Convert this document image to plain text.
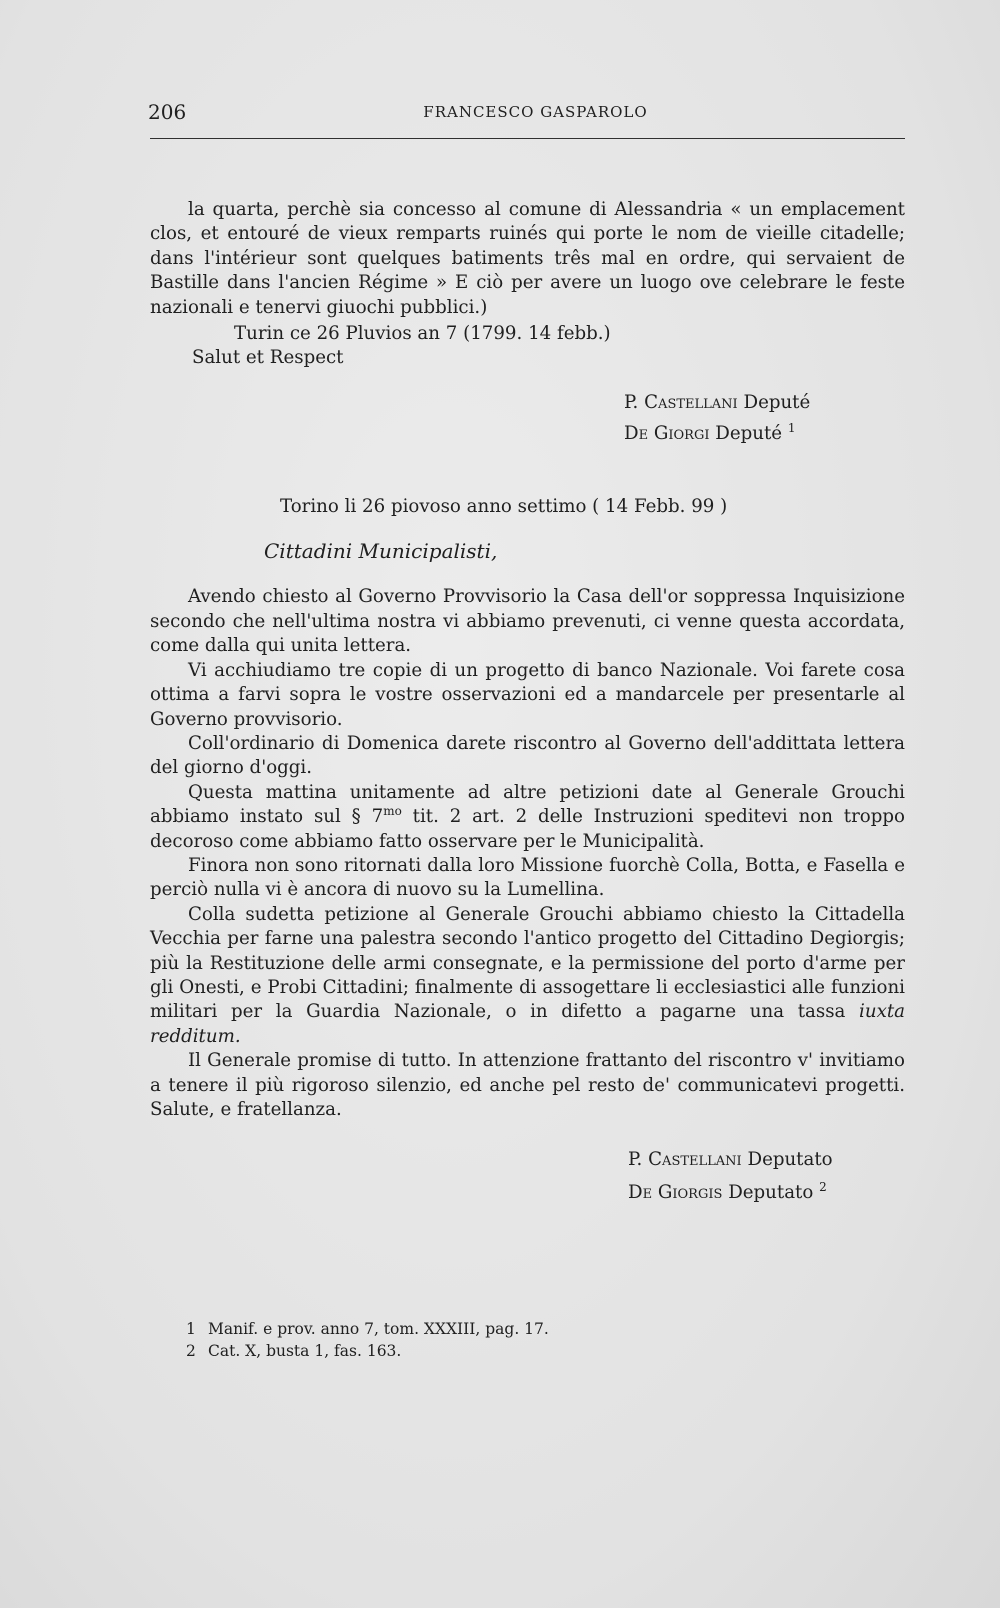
206	FRANCESCO GASPAROLO

la quarta, perchè sia concesso al comune di Alessandria « un emplacement clos, et entouré de vieux remparts ruinés qui porte le nom de vieille citadelle; dans l'intérieur sont quelques batiments três mal en ordre, qui servaient de Bastille dans l'ancien Régime » E ciò per avere un luogo ove celebrare le feste nazionali e tenervi giuochi pubblici.)

Turin ce 26 Pluvios an 7 (1799. 14 febb.)

Salut et Respect

P. Castellani Deputé

De Giorgi Deputé $^1$

Torino li 26 piovoso anno settimo ( 14 Febb. 99 )

Cittadini Municipalisti,

Avendo chiesto al Governo Provvisorio la Casa dell'or soppressa Inquisizione secondo che nell'ultima nostra vi abbiamo prevenuti, ci venne questa accordata, come dalla qui unita lettera.

Vi acchiudiamo tre copie di un progetto di banco Nazionale. Voi farete cosa ottima a farvi sopra le vostre osservazioni ed a mandarcele per presentarle al Governo provvisorio.

Coll'ordinario di Domenica darete riscontro al Governo dell'addittata lettera del giorno d'oggi.

Questa mattina unitamente ad altre petizioni date al Generale Grouchi abbiamo instato sul § $7^{mo}$ tit. 2 art. 2 delle Instruzioni speditevi non troppo decoroso come abbiamo fatto osservare per le Municipalità.

Finora non sono ritornati dalla loro Missione fuorchè Colla, Botta, e Fasella e perciò nulla vi è ancora di nuovo su la Lumellina.

Colla sudetta petizione al Generale Grouchi abbiamo chiesto la Cittadella Vecchia per farne una palestra secondo l'antico progetto del Cittadino Degiorgis; più la Restituzione delle armi consegnate, e la permissione del porto d'arme per gli Onesti, e Probi Cittadini; finalmente di assogettare li ecclesiastici alle funzioni militari per la Guardia Nazionale, o in difetto a pagarne una tassa iuxta redditum.

Il Generale promise di tutto. In attenzione frattanto del riscontro v' invitiamo a tenere il più rigoroso silenzio, ed anche pel resto de' communicatevi progetti. Salute, e fratellanza.

P. Castellani Deputato

De Giorgis Deputato $^2$

1 Manif. e prov. anno 7, tom. XXXIII, pag. 17.
2 Cat. X, busta 1, fas. 163.
